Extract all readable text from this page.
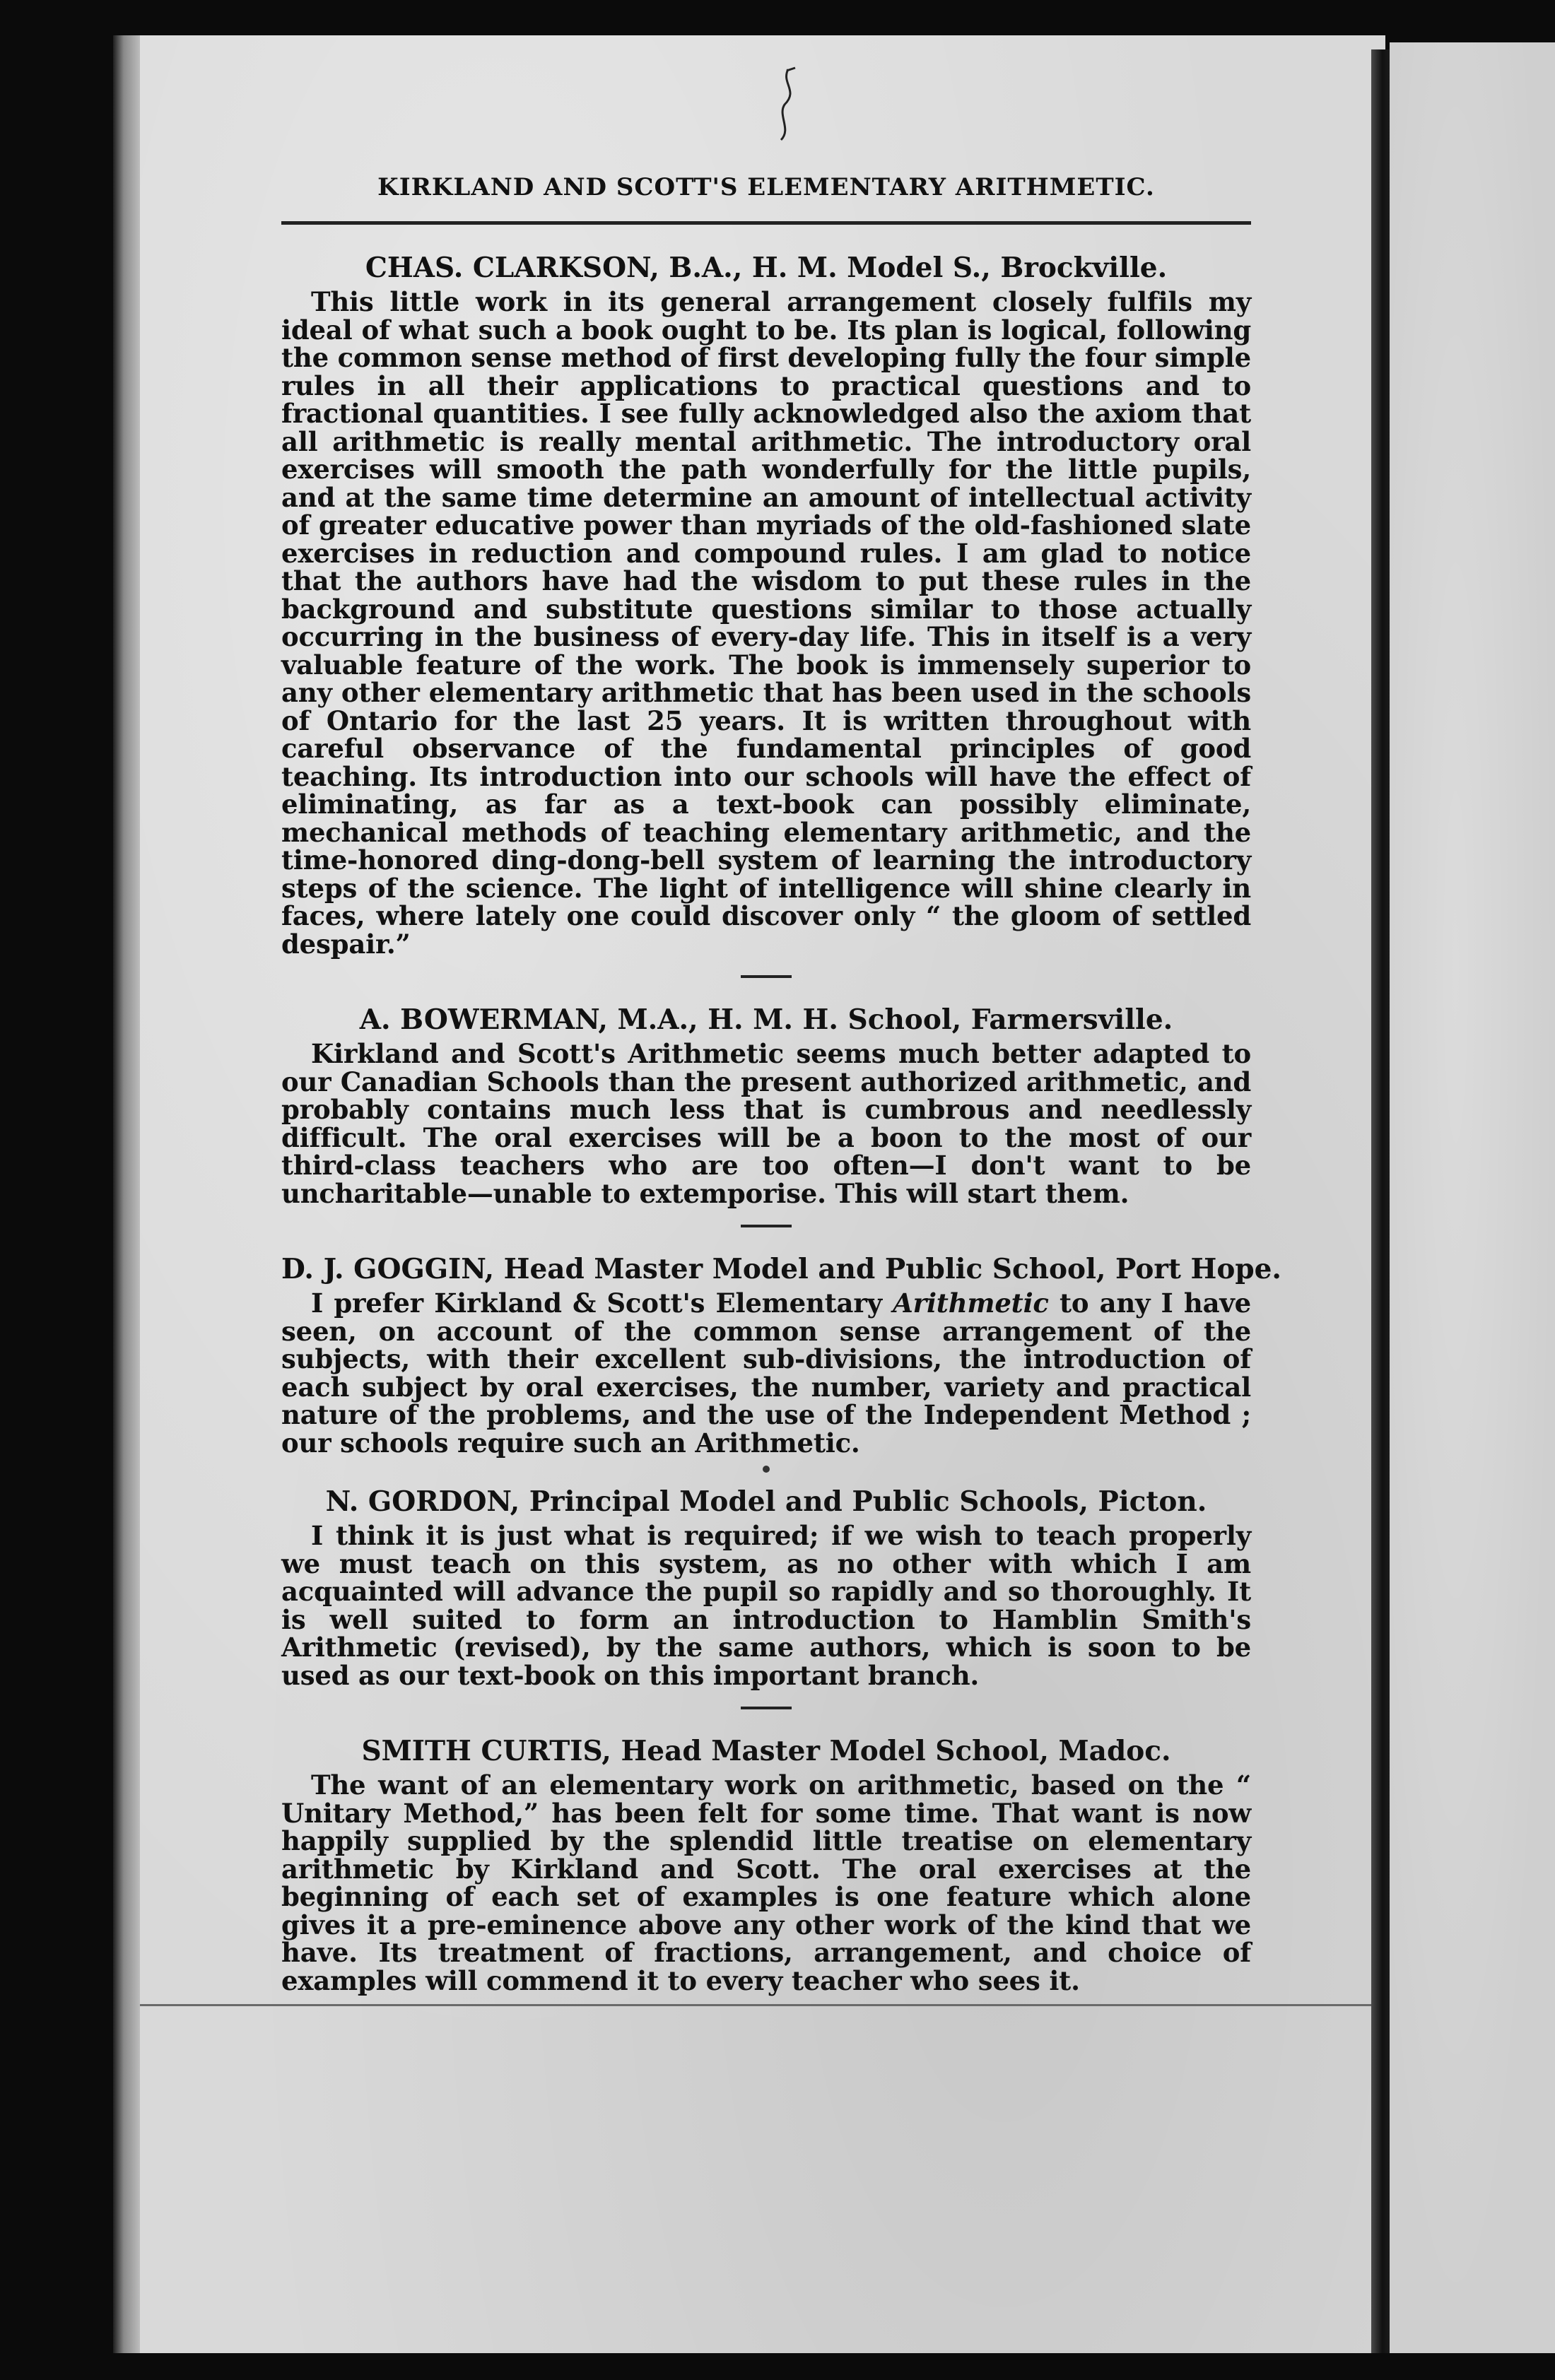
KIRKLAND AND SCOTT'S ELEMENTARY ARITHMETIC.

CHAS. CLARKSON, B.A., H. M. Model S., Brockville.

This little work in its general arrangement closely fulfils my ideal of what such a book ought to be. Its plan is logical, following the common sense method of first developing fully the four simple rules in all their applications to practical questions and to fractional quantities. I see fully acknowledged also the axiom that all arithmetic is really mental arithmetic. The introductory oral exercises will smooth the path wonderfully for the little pupils, and at the same time determine an amount of intellectual activity of greater educative power than myriads of the old-fashioned slate exercises in reduction and compound rules. I am glad to notice that the authors have had the wisdom to put these rules in the background and substitute questions similar to those actually occurring in the business of every-day life. This in itself is a very valuable feature of the work. The book is immensely superior to any other elementary arithmetic that has been used in the schools of Ontario for the last 25 years. It is written throughout with careful observance of the fundamental principles of good teaching. Its introduction into our schools will have the effect of eliminating, as far as a text-book can possibly eliminate, mechanical methods of teaching elementary arithmetic, and the time-honored ding-dong-bell system of learning the introductory steps of the science. The light of intelligence will shine clearly in faces, where lately one could discover only “ the gloom of settled despair.”

A. BOWERMAN, M.A., H. M. H. School, Farmersville.

Kirkland and Scott's Arithmetic seems much better adapted to our Canadian Schools than the present authorized arithmetic, and probably contains much less that is cumbrous and needlessly difficult. The oral exercises will be a boon to the most of our third-class teachers who are too often—I don't want to be uncharitable—unable to extemporise. This will start them.

D. J. GOGGIN, Head Master Model and Public School, Port Hope.

I prefer Kirkland & Scott's Elementary Arithmetic to any I have seen, on account of the common sense arrangement of the subjects, with their excellent sub-divisions, the introduction of each subject by oral exercises, the number, variety and practical nature of the problems, and the use of the Independent Method ; our schools require such an Arithmetic.

N. GORDON, Principal Model and Public Schools, Picton.

I think it is just what is required; if we wish to teach properly we must teach on this system, as no other with which I am acquainted will advance the pupil so rapidly and so thoroughly. It is well suited to form an introduction to Hamblin Smith's Arithmetic (revised), by the same authors, which is soon to be used as our text-book on this important branch.

SMITH CURTIS, Head Master Model School, Madoc.

The want of an elementary work on arithmetic, based on the “ Unitary Method,” has been felt for some time. That want is now happily supplied by the splendid little treatise on elementary arithmetic by Kirkland and Scott. The oral exercises at the beginning of each set of examples is one feature which alone gives it a pre-eminence above any other work of the kind that we have. Its treatment of fractions, arrangement, and choice of examples will commend it to every teacher who sees it.
